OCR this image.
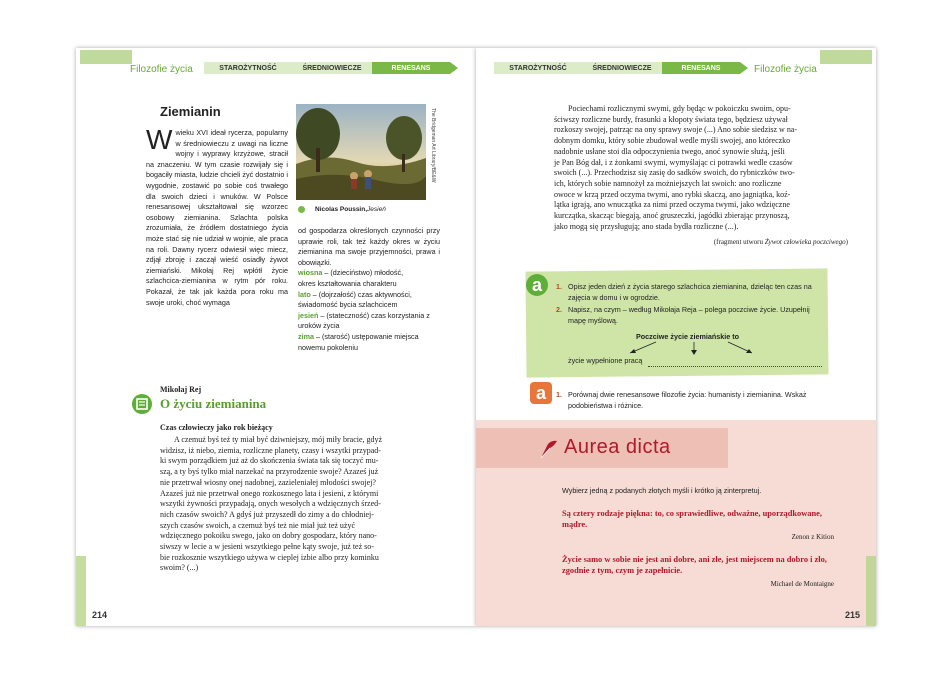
Filozofie życia	STAROŻYTNOŚĆ	ŚREDNIOWIECZE	RENESANS
Ziemianin	The Bridgeman Art Library/BE&W
Nicolas Poussin, Jesień
Wwieku XVI ideał rycerza, popularny w średniowieczu z uwagi na liczne wojny i wyprawy krzyżowe, stracił na znaczeniu. W tym czasie rozwijały się i bogaciły miasta, ludzie chcieli żyć dostatnio i wygodnie, zostawić po sobie coś trwałego dla swoich dzieci i wnuków. W Polsce renesansowej ukształtował się wzorzec osobowy ziemianina. Szlachta polska zrozumiała, że źródłem dostatniego życia może stać się nie udział w wojnie, ale praca na roli. Dawny rycerz odwiesił więc miecz, zdjął zbroję i zaczął wieść osiadły żywot ziemiański. Mikołaj Rej wpłótł życie szlachcica-ziemianina w rytm pór roku. Pokazał, że tak jak każda pora roku ma swoje uroki, choć wymaga
od gospodarza określonych czynności przy uprawie roli, tak też każdy okres w życiu ziemianina ma swoje przyjemności, prawa i obowiązki.
wiosna – (dzieciństwo) młodość,
okres kształtowania charakteru
lato – (dojrzałość) czas aktywności, świadomość bycia szlachcicem
jesień – (stateczność) czas korzystania z uroków życia
zima – (starość) ustępowanie miejsca nowemu pokoleniu
Mikołaj Rej
O życiu ziemianina
Czas człowieczy jako rok bieżący
A czemuż byś też ty miał być dziwniejszy, mój miły bracie, gdyż
widzisz, iż niebo, ziemia, rozliczne planety, czasy i wszytki przypad-
ki swym porządkiem już aż do skończenia świata tak się toczyć mu-
szą, a ty byś tylko miał narzekać na przyrodzenie swoje? Azaześ już
nie przetrwał wiosny onej nadobnej, zazieleniałej młodości swojej?
Azaześ już nie przetrwał onego rozkosznego lata i jesieni, z którymi
wszytki żywności przypadają, onych wesołych a wdzięcznych śrzed-
nich czasów swoich? A gdyś już przyszedł do zimy a do chłodniej-
szych czasów swoich, a czemuż byś też nie miał już też użyć
wdzięcznego pokoiku swego, jako on dobry gospodarz, który nano-
siwszy w lecie a w jesieni wszytkiego pełne kąty swoje, już też so-
bie rozkosznie wszytkiego używa w cieplej izbie albo przy kominku
swoim? (...)
214
STAROŻYTNOŚĆ	ŚREDNIOWIECZE	RENESANS	Filozofie życia
Pociechami rozlicznymi swymi, gdy będąc w pokoiczku swoim, opu-
ściwszy rozliczne burdy, frasunki a kłopoty świata tego, będziesz używał
rozkoszy swojej, patrząc na ony sprawy swoje (...) Ano sobie siedzisz w na-
dobnym domku, który sobie zbudował wedle myśli swojej, ano któreczko
nadobnie usłane stoi dla odpoczynienia twego, anoć synowie służą, jeśli
je Pan Bóg dał, i z żonkami swymi, wymyślając ci potrawki wedle czasów
swoich (...). Przechodzisz się zasię do sadków swoich, do rybniczków two-
ich, których sobie namnożył za możniejszych lat swoich: ano rozliczne
owoce w krzą przed oczyma twymi, ano rybki skaczą, ano jagniątka, koź-
lątka igrają, ano wnuczątka za nimi przed oczyma twymi, jako wdzięczne
kurczątka, skacząc biegają, anoć gruszeczki, jagódki zbierając przynoszą,
jako mogą się przysługują; ano stada bydła rozliczne (...).
(fragment utworu Żywot człowieka poczciwego)
a	1. Opisz jeden dzień z życia starego szlachcica ziemianina, dzieląc ten czas na zajęcia w domu i w ogrodzie.
2. Napisz, na czym – według Mikołaja Reja – polega poczciwe życie. Uzupełnij mapę myślową.
Poczciwe życie ziemiańskie to
życie wypełnione pracą
a	1. Porównaj dwie renesansowe filozofie życia: humanisty i ziemianina. Wskaż podobieństwa i różnice.
Aurea dicta
Wybierz jedną z podanych złotych myśli i krótko ją zinterpretuj.
Są cztery rodzaje piękna: to, co sprawiedliwe, odważne, uporządkowane, mądre.
Zenon z Kition
Życie samo w sobie nie jest ani dobre, ani złe, jest miejscem na dobro i zło, zgodnie z tym, czym je zapełnicie.
Michael de Montaigne
215
